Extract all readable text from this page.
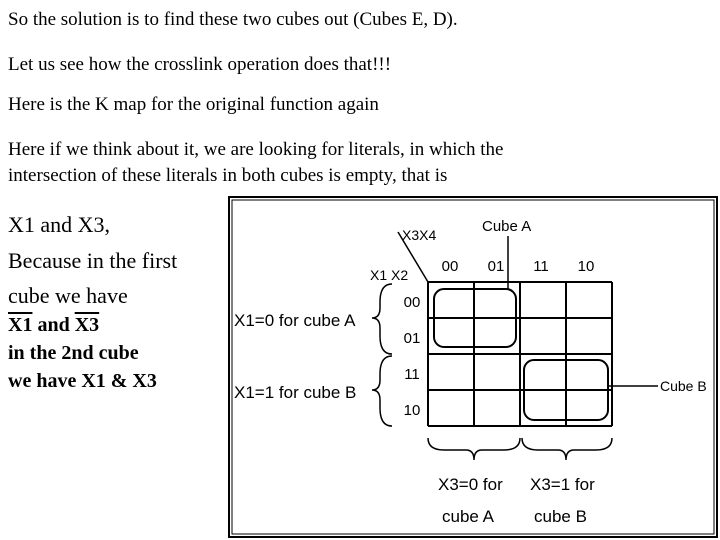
So the solution is to find these two cubes out (Cubes E, D).
Let us see how the crosslink operation does that!!!
Here is the K map for the original function again
Here if we think about it, we are looking for literals, in which the
intersection of these literals in both cubes is empty, that is
X1 and X3,
Because in the first
cube we have
X1 and X3
in the 2nd cube
we have X1 & X3
X3X4
X1 X2 00 01 11 10
00
01
11
10
Cube A
Cube B
X1=0 for cube A
X1=1 for cube B
X3=0 for
cube A
X3=1 for
cube B
